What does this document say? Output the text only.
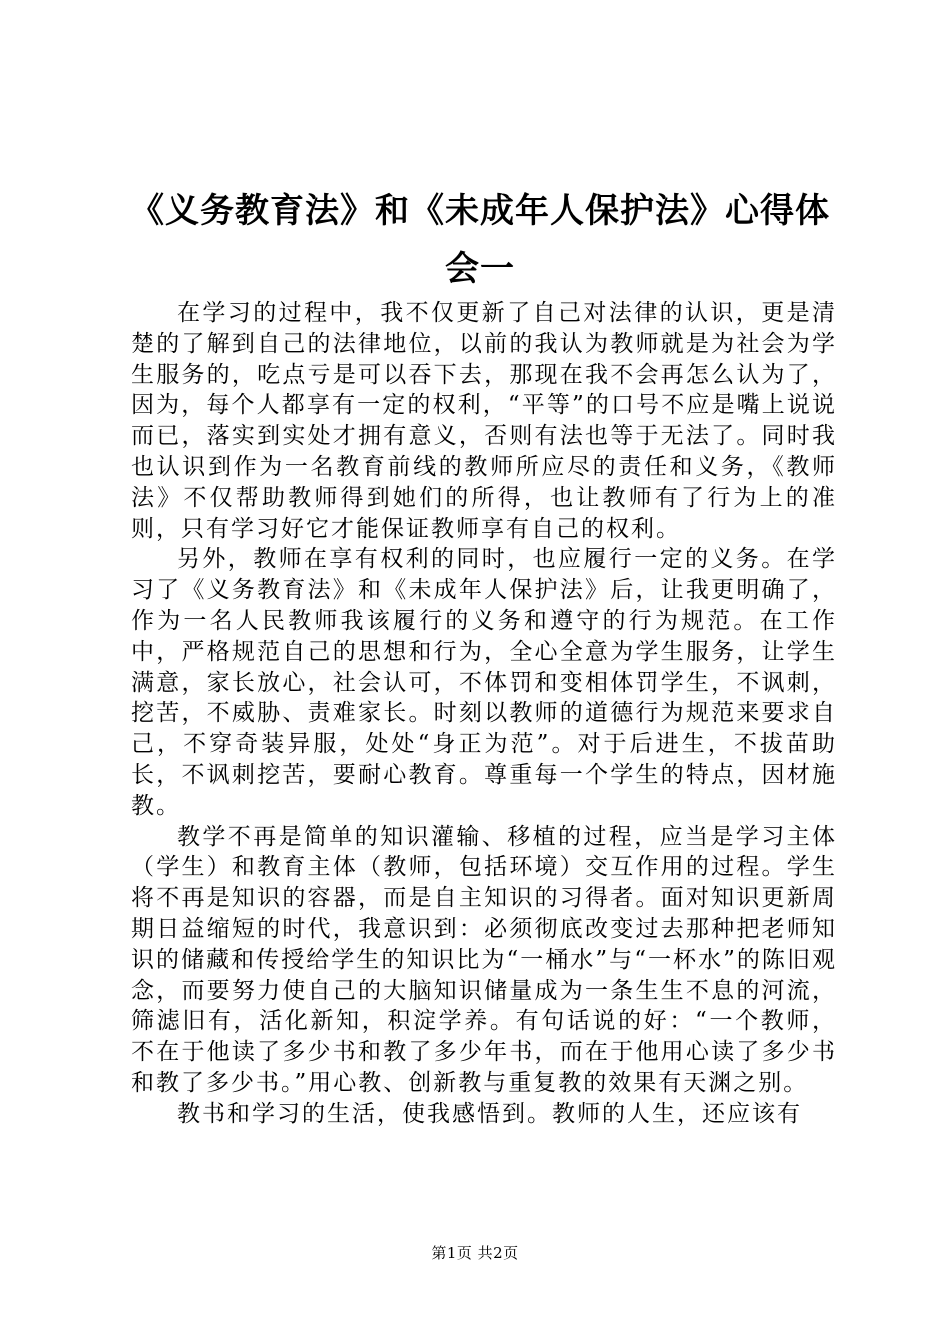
《义务教育法》和《未成年人保护法》心得体会一

在学习的过程中，我不仅更新了自己对法律的认识，更是清楚的了解到自己的法律地位，以前的我认为教师就是为社会为学生服务的，吃点亏是可以吞下去，那现在我不会再怎么认为了，因为，每个人都享有一定的权利，“平等”的口号不应是嘴上说说而已，落实到实处才拥有意义，否则有法也等于无法了。同时我也认识到作为一名教育前线的教师所应尽的责任和义务，《教师法》不仅帮助教师得到她们的所得，也让教师有了行为上的准则，只有学习好它才能保证教师享有自己的权利。

另外，教师在享有权利的同时，也应履行一定的义务。在学习了《义务教育法》和《未成年人保护法》后，让我更明确了，作为一名人民教师我该履行的义务和遵守的行为规范。在工作中，严格规范自己的思想和行为，全心全意为学生服务，让学生满意，家长放心，社会认可，不体罚和变相体罚学生，不讽刺，挖苦，不威胁、责难家长。时刻以教师的道德行为规范来要求自己，不穿奇装异服，处处“身正为范”。对于后进生，不拔苗助长，不讽刺挖苦，要耐心教育。尊重每一个学生的特点，因材施教。

教学不再是简单的知识灌输、移植的过程，应当是学习主体（学生）和教育主体（教师，包括环境）交互作用的过程。学生将不再是知识的容器，而是自主知识的习得者。面对知识更新周期日益缩短的时代，我意识到：必须彻底改变过去那种把老师知识的储藏和传授给学生的知识比为“一桶水”与“一杯水”的陈旧观念，而要努力使自己的大脑知识储量成为一条生生不息的河流，筛滤旧有，活化新知，积淀学养。有句话说的好：“一个教师，不在于他读了多少书和教了多少年书，而在于他用心读了多少书和教了多少书。”用心教、创新教与重复教的效果有天渊之别。

教书和学习的生活，使我感悟到。教师的人生，还应该有

第1页 共2页
